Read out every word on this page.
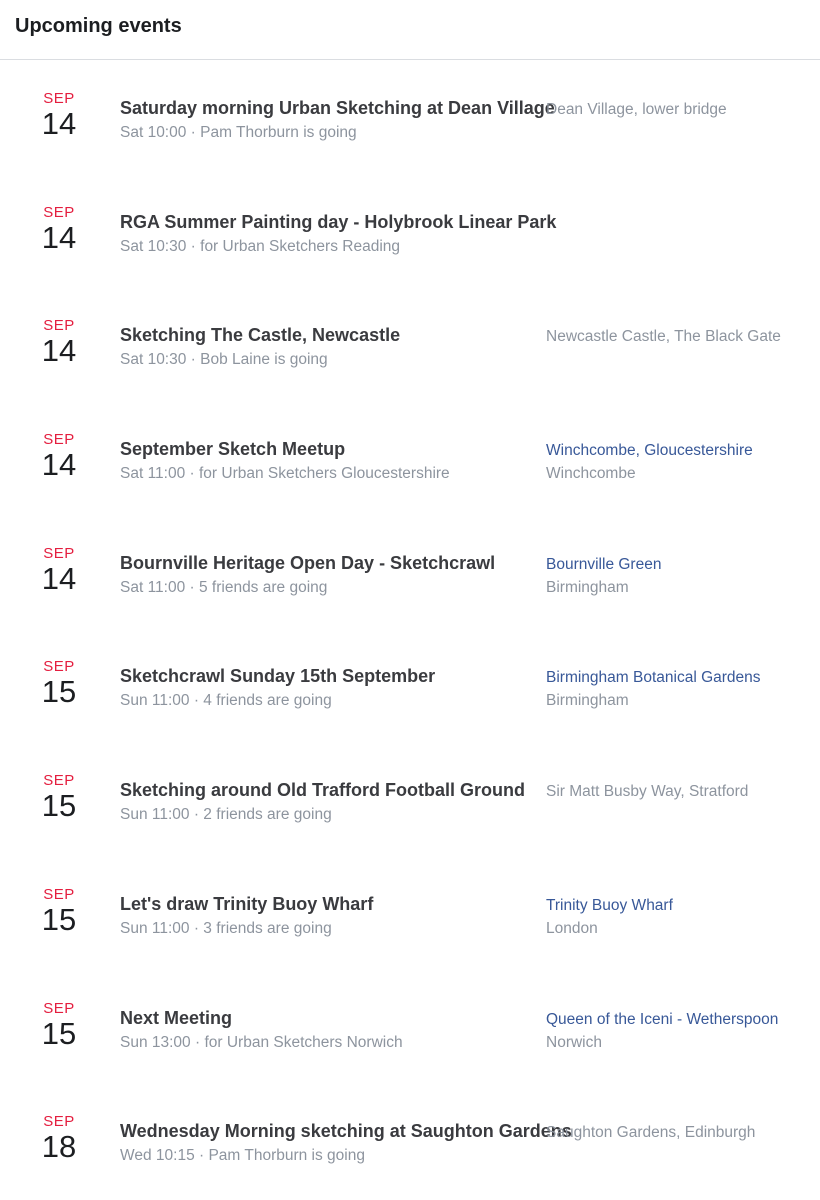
Upcoming events
SEP
14	Saturday morning Urban Sketching at Dean Village
Sat 10:00 · Pam Thorburn is going
Dean Village, lower bridge
SEP
14	RGA Summer Painting day - Holybrook Linear Park
Sat 10:30 · for Urban Sketchers Reading
SEP
14	Sketching The Castle, Newcastle
Sat 10:30 · Bob Laine is going
Newcastle Castle, The Black Gate
SEP
14	September Sketch Meetup
Sat 11:00 · for Urban Sketchers Gloucestershire
Winchcombe, Gloucestershire
Winchcombe
SEP
14	Bournville Heritage Open Day - Sketchcrawl
Sat 11:00 · 5 friends are going
Bournville Green
Birmingham
SEP
15	Sketchcrawl Sunday 15th September
Sun 11:00 · 4 friends are going
Birmingham Botanical Gardens
Birmingham
SEP
15	Sketching around Old Trafford Football Ground
Sun 11:00 · 2 friends are going
Sir Matt Busby Way, Stratford
SEP
15	Let's draw Trinity Buoy Wharf
Sun 11:00 · 3 friends are going
Trinity Buoy Wharf
London
SEP
15	Next Meeting
Sun 13:00 · for Urban Sketchers Norwich
Queen of the Iceni - Wetherspoon
Norwich
SEP
18	Wednesday Morning sketching at Saughton Gardens
Wed 10:15 · Pam Thorburn is going
Saughton Gardens, Edinburgh
